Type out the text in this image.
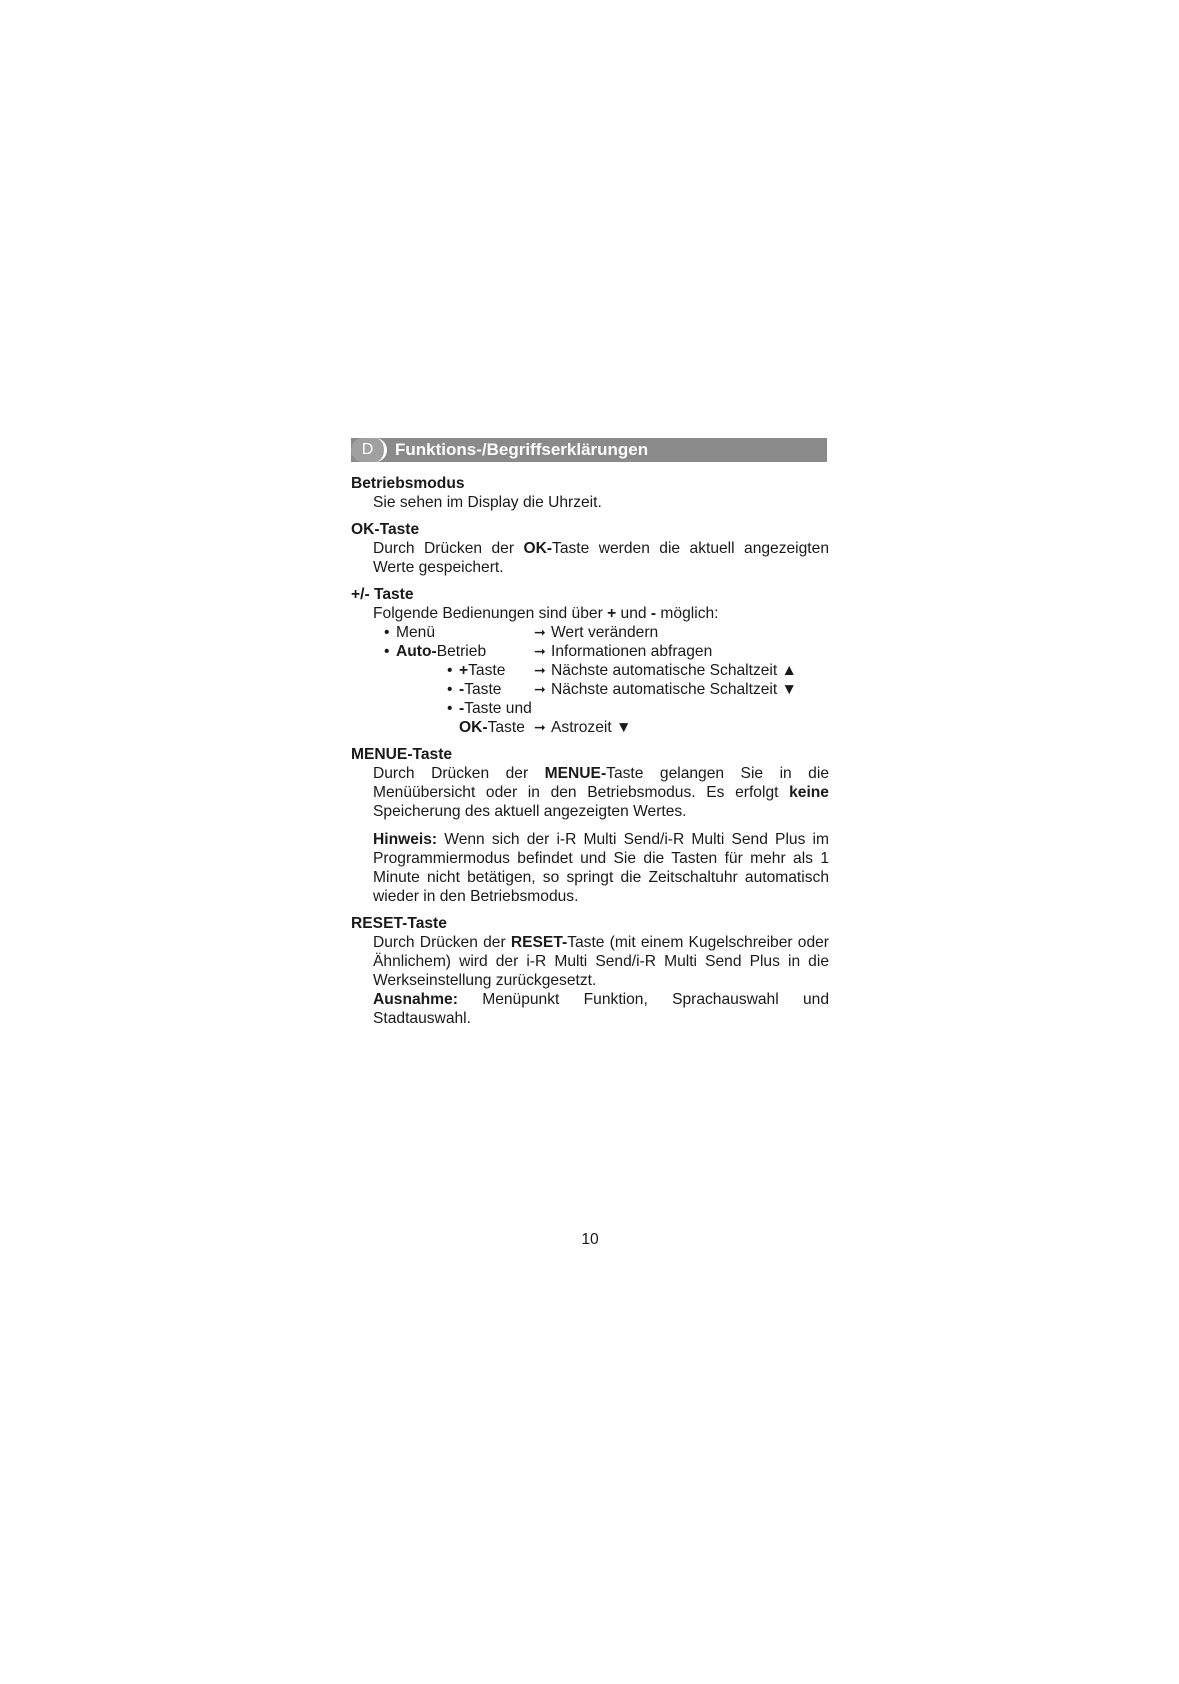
D	Funktions-/Begriffserklärungen
Betriebsmodus

Sie sehen im Display die Uhrzeit.

OK-Taste

Durch Drücken der OK-Taste werden die aktuell angezeigten Werte gespeichert.

+/- Taste

Folgende Bedienungen sind über + und - möglich:

• Menü	➞ Wert verändern
• Auto-Betrieb	➞ Informationen abfragen
• +Taste ➞ Nächste automatische Schaltzeit ▲
• -Taste ➞ Nächste automatische Schaltzeit ▼
• -Taste und
OK-Taste ➞ Astrozeit ▼
MENUE-Taste

Durch Drücken der MENUE-Taste gelangen Sie in die Menüübersicht oder in den Betriebsmodus. Es erfolgt keine Speicherung des aktuell angezeigten Wertes.

Hinweis: Wenn sich der i-R Multi Send/i-R Multi Send Plus im Programmiermodus befindet und Sie die Tasten für mehr als 1 Minute nicht betätigen, so springt die Zeitschaltuhr automatisch wieder in den Betriebsmodus.

RESET-Taste

Durch Drücken der RESET-Taste (mit einem Kugelschreiber oder Ähnlichem) wird der i-R Multi Send/i-R Multi Send Plus in die Werkseinstellung zurückgesetzt.

Ausnahme: Menüpunkt Funktion, Sprachauswahl und Stadtauswahl.

10
